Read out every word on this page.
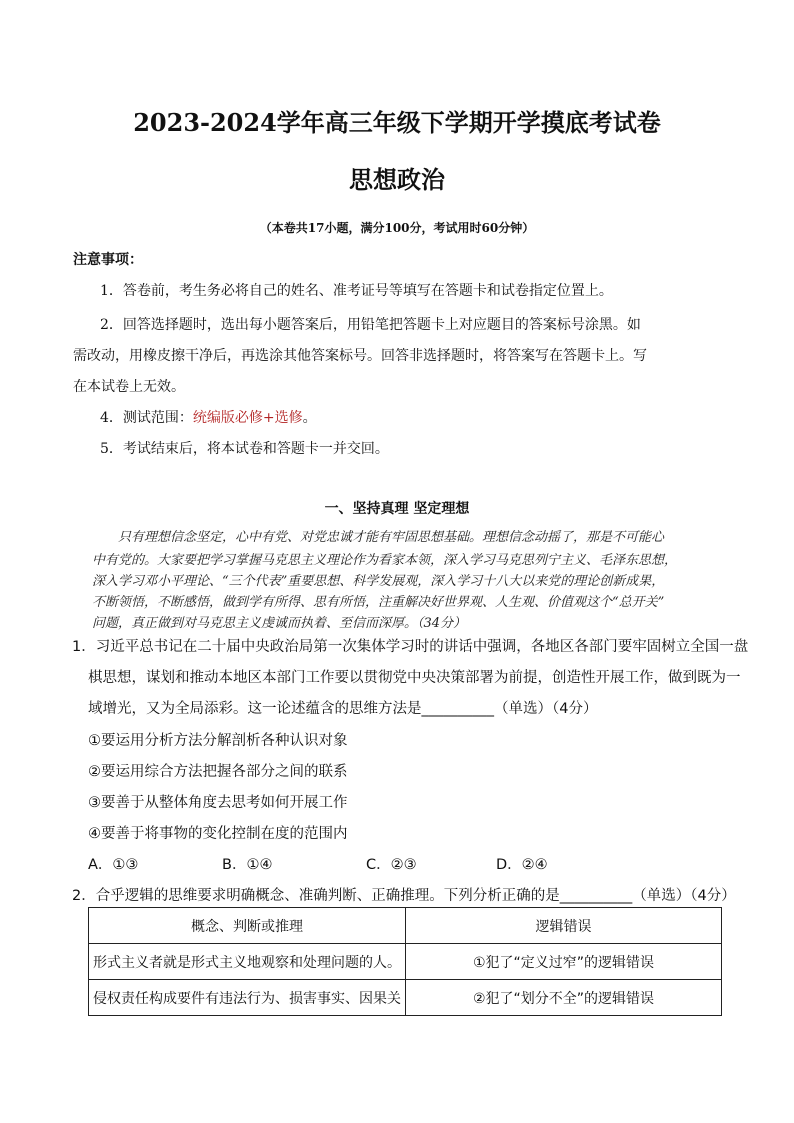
2023-2024学年高三年级下学期开学摸底考试卷
思想政治
（本卷共17小题，满分100分，考试用时60分钟）
注意事项：
1．答卷前，考生务必将自己的姓名、准考证号等填写在答题卡和试卷指定位置上。
2．回答选择题时，选出每小题答案后，用铅笔把答题卡上对应题目的答案标号涂黑。如
需改动，用橡皮擦干净后，再选涂其他答案标号。回答非选择题时，将答案写在答题卡上。写
在本试卷上无效。
4．测试范围：统编版必修+选修。
5．考试结束后，将本试卷和答题卡一并交回。
一、坚持真理 坚定理想
只有理想信念坚定，心中有党、对党忠诚才能有牢固思想基础。理想信念动摇了，那是不可能心
中有党的。大家要把学习掌握马克思主义理论作为看家本领，深入学习马克思列宁主义、毛泽东思想，
深入学习邓小平理论、“三个代表”重要思想、科学发展观，深入学习十八大以来党的理论创新成果，
不断领悟，不断感悟，做到学有所得、思有所悟，注重解决好世界观、人生观、价值观这个“总开关”
问题，真正做到对马克思主义虔诚而执着、至信而深厚。（34分）
1．习近平总书记在二十届中央政治局第一次集体学习时的讲话中强调，各地区各部门要牢固树立全国一盘
棋思想，谋划和推动本地区本部门工作要以贯彻党中央决策部署为前提，创造性开展工作，做到既为一
域增光，又为全局添彩。这一论述蕴含的思维方法是__________（单选）（4分）
①要运用分析方法分解剖析各种认识对象
②要运用综合方法把握各部分之间的联系
③要善于从整体角度去思考如何开展工作
④要善于将事物的变化控制在度的范围内
A．①③	B．①④	C．②③	D．②④
2．合乎逻辑的思维要求明确概念、准确判断、正确推理。下列分析正确的是__________（单选）（4分）
概念、判断或推理	逻辑错误
形式主义者就是形式主义地观察和处理问题的人。	①犯了“定义过窄”的逻辑错误
侵权责任构成要件有违法行为、损害事实、因果关	②犯了“划分不全”的逻辑错误
